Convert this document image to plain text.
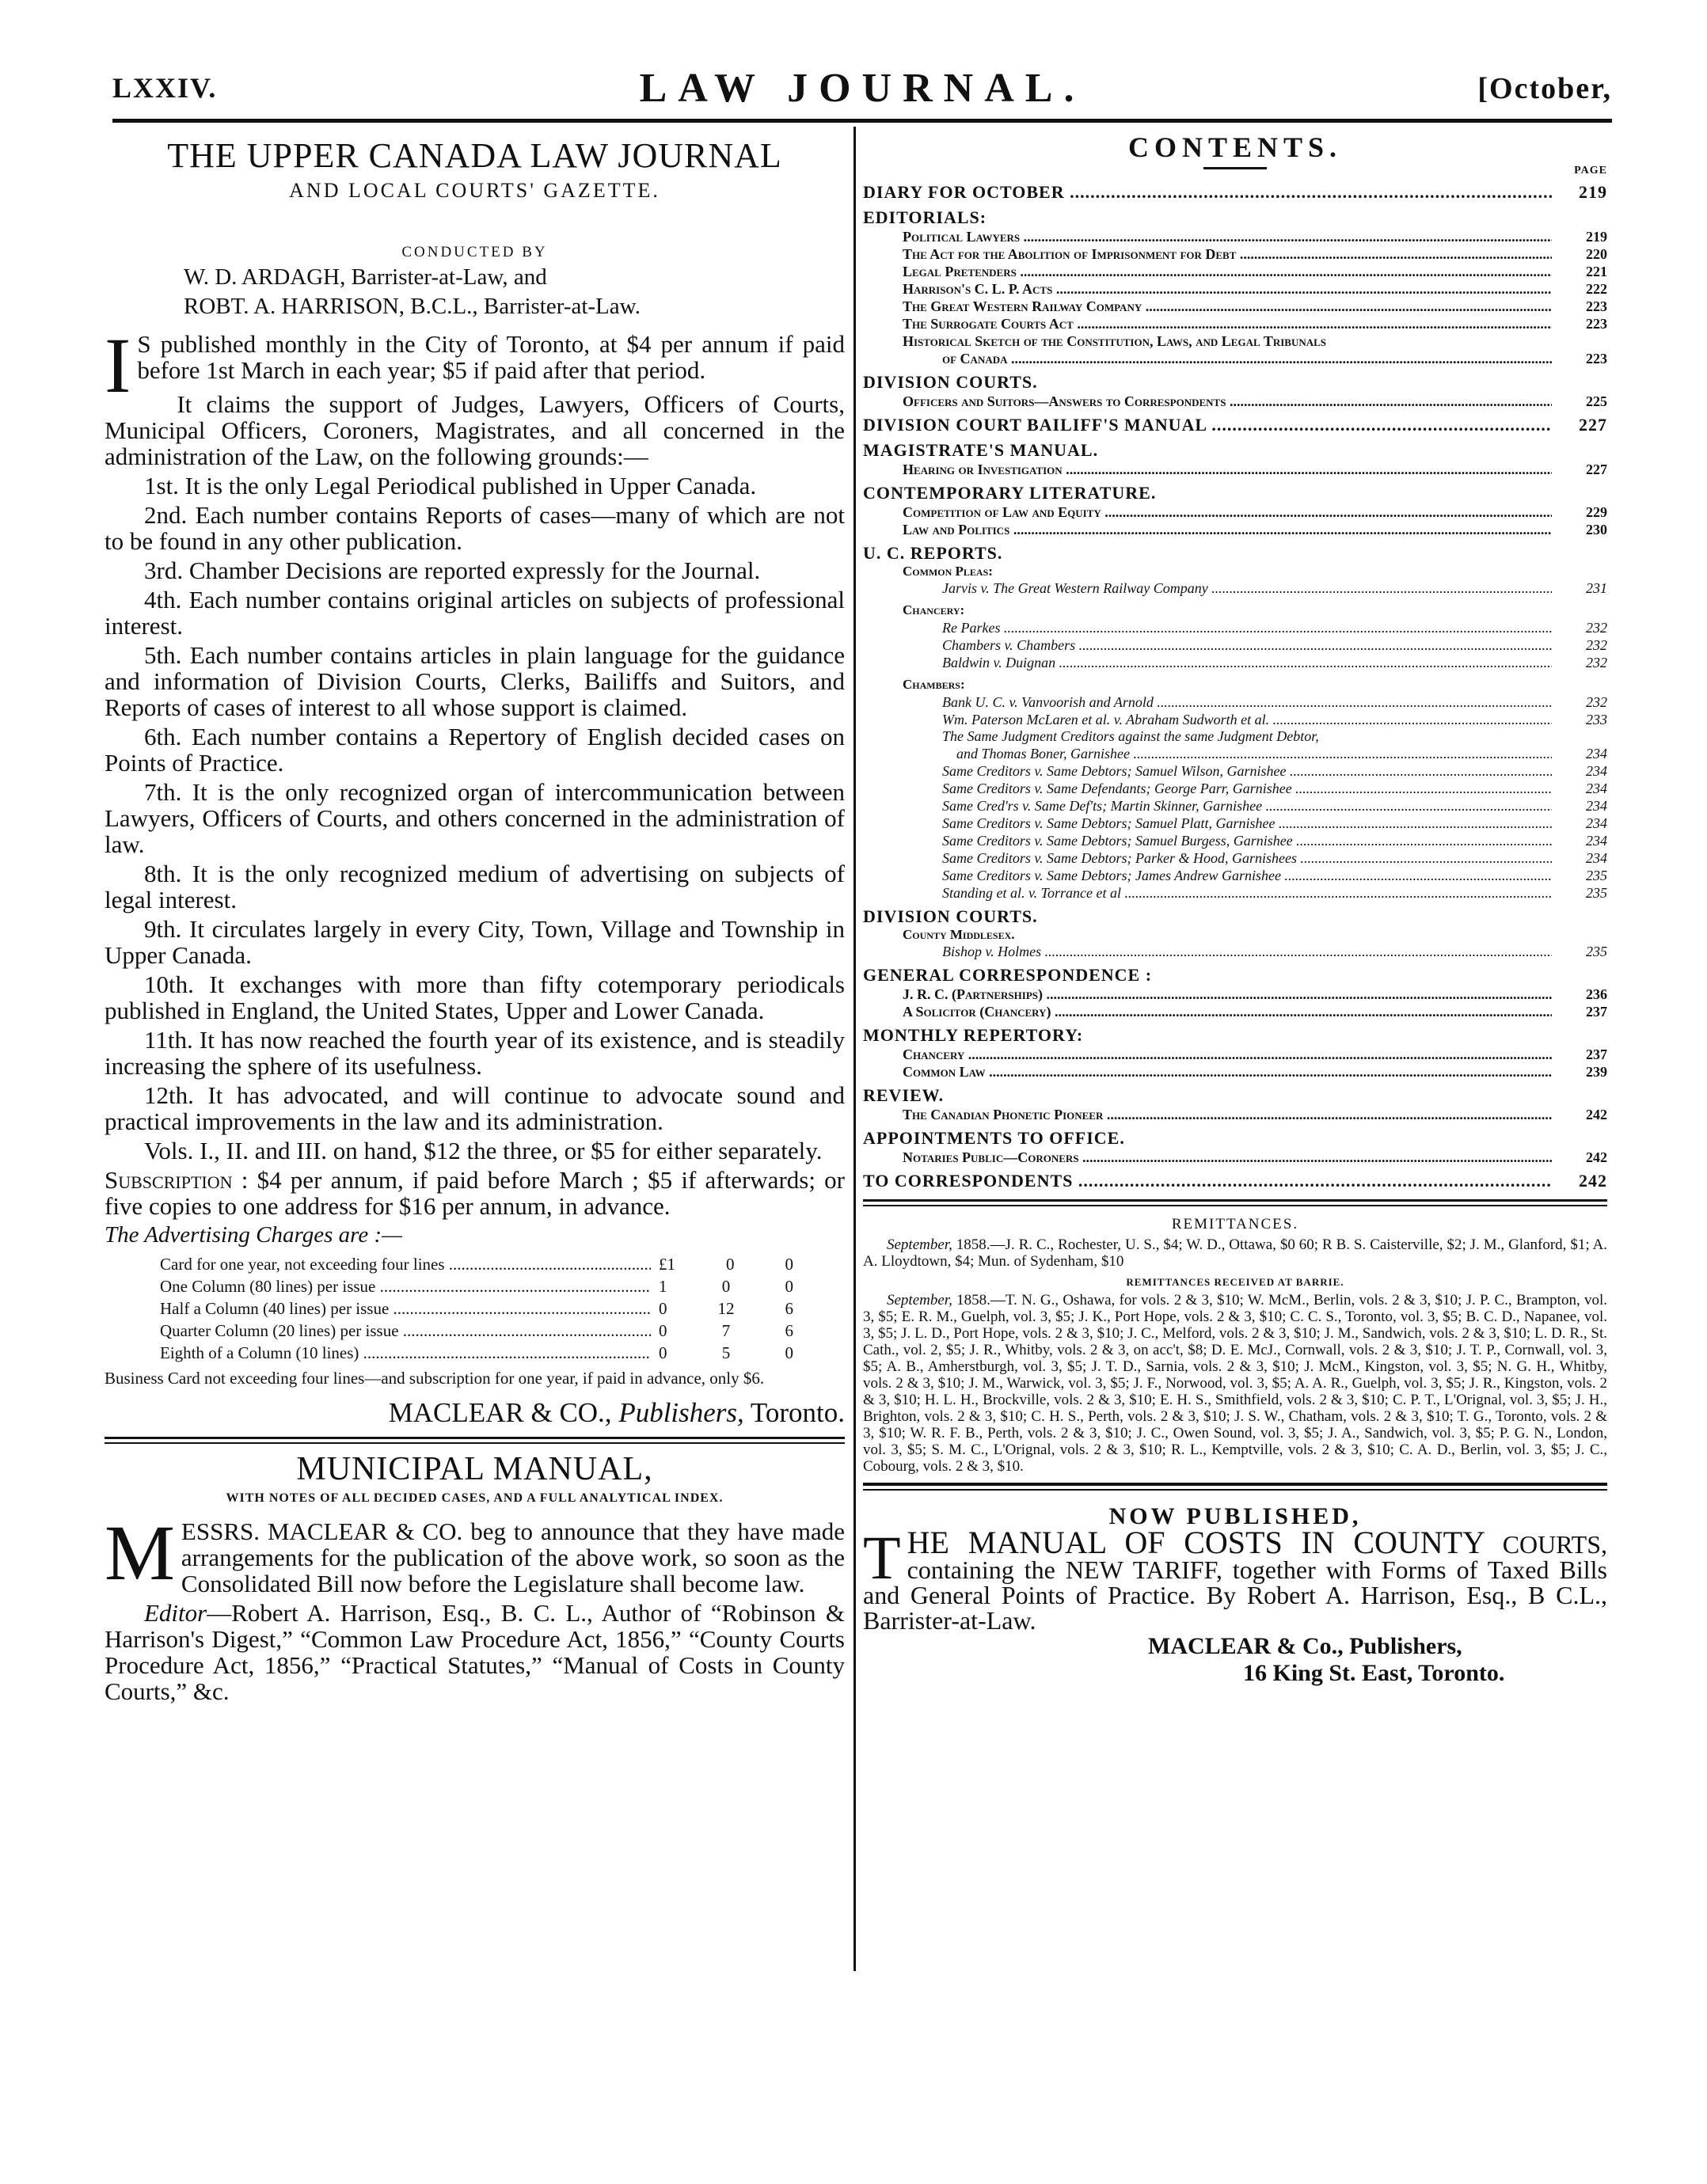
LXXIV.	LAW JOURNAL.	[October,
THE UPPER CANADA LAW JOURNAL
AND LOCAL COURTS' GAZETTE.
CONDUCTED BY
W. D. ARDAGH, Barrister-at-Law, and
ROBT. A. HARRISON, B.C.L., Barrister-at-Law.

I S published monthly in the City of Toronto, at $4 per annum if paid before 1st March in each year; $5 if paid after that period.

It claims the support of Judges, Lawyers, Officers of Courts, Municipal Officers, Coroners, Magistrates, and all concerned in the administration of the Law, on the following grounds:—

1st. It is the only Legal Periodical published in Upper Canada.

2nd. Each number contains Reports of cases—many of which are not to be found in any other publication.

3rd. Chamber Decisions are reported expressly for the Journal.

4th. Each number contains original articles on subjects of professional interest.

5th. Each number contains articles in plain language for the guidance and information of Division Courts, Clerks, Bailiffs and Suitors, and Reports of cases of interest to all whose support is claimed.

6th. Each number contains a Repertory of English decided cases on Points of Practice.

7th. It is the only recognized organ of intercommunication between Lawyers, Officers of Courts, and others concerned in the administration of law.

8th. It is the only recognized medium of advertising on subjects of legal interest.

9th. It circulates largely in every City, Town, Village and Township in Upper Canada.

10th. It exchanges with more than fifty cotemporary periodicals published in England, the United States, Upper and Lower Canada.

11th. It has now reached the fourth year of its existence, and is steadily increasing the sphere of its usefulness.

12th. It has advocated, and will continue to advocate sound and practical improvements in the law and its administration.

Vols. I., II. and III. on hand, $12 the three, or $5 for either separately.

Subscription : $4 per annum, if paid before March ; $5 if afterwards; or five copies to one address for $16 per annum, in advance.
The Advertising Charges are :—
Card for one year, not exceeding four lines .....	£1	0	0
One Column (80 lines) per issue .....	1	0	0
Half a Column (40 lines) per issue .....	0	12	6
Quarter Column (20 lines) per issue .....	0	7	6
Eighth of a Column (10 lines) .....	0	5	0
Business Card not exceeding four lines—and subscription for one year, if paid in advance, only $6.
MACLEAR & CO., Publishers, Toronto.
MUNICIPAL MANUAL,
WITH NOTES OF ALL DECIDED CASES, AND A FULL ANALYTICAL INDEX.

MESSRS. MACLEAR & CO. beg to announce that they have made arrangements for the publication of the above work, so soon as the Consolidated Bill now before the Legislature shall become law.

Editor—Robert A. Harrison, Esq., B. C. L., Author of “Robinson & Harrison's Digest,” “Common Law Procedure Act, 1856,” “County Courts Procedure Act, 1856,” “Practical Statutes,” “Manual of Costs in County Courts,” &c.

CONTENTS.
PAGE
DIARY FOR OCTOBER .....	219
EDITORIALS:
Political Lawyers .....	219
The Act for the Abolition of Imprisonment for Debt .....	220
Legal Pretenders .....	221
Harrison's C. L. P. Acts .....	222
The Great Western Railway Company .....	223
The Surrogate Courts Act .....	223
Historical Sketch of the Constitution, Laws, and Legal Tribunals
of Canada .....	223
DIVISION COURTS.
Officers and Suitors—Answers to Correspondents .....	225
DIVISION COURT BAILIFF'S MANUAL .....	227
MAGISTRATE'S MANUAL.
Hearing or Investigation .....	227
CONTEMPORARY LITERATURE.
Competition of Law and Equity .....	229
Law and Politics .....	230
U. C. REPORTS.
Common Pleas:
Jarvis v. The Great Western Railway Company .....	231
Chancery:
Re Parkes .....	232
Chambers v. Chambers .....	232
Baldwin v. Duignan .....	232
Chambers:
Bank U. C. v. Vanvoorish and Arnold .....	232
Wm. Paterson McLaren et al. v. Abraham Sudworth et al. .....	233
The Same Judgment Creditors against the same Judgment Debtor,
and Thomas Boner, Garnishee .....	234
Same Creditors v. Same Debtors; Samuel Wilson, Garnishee .....	234
Same Creditors v. Same Defendants; George Parr, Garnishee .....	234
Same Cred'rs v. Same Def'ts; Martin Skinner, Garnishee .....	234
Same Creditors v. Same Debtors; Samuel Platt, Garnishee .....	234
Same Creditors v. Same Debtors; Samuel Burgess, Garnishee .....	234
Same Creditors v. Same Debtors; Parker & Hood, Garnishees .....	234
Same Creditors v. Same Debtors; James Andrew Garnishee .....	235
Standing et al. v. Torrance et al .....	235
DIVISION COURTS.
County Middlesex.
Bishop v. Holmes .....	235
GENERAL CORRESPONDENCE :
J. R. C. (Partnerships) .....	236
A Solicitor (Chancery) .....	237
MONTHLY REPERTORY:
Chancery .....	237
Common Law .....	239
REVIEW.
The Canadian Phonetic Pioneer .....	242
APPOINTMENTS TO OFFICE.
Notaries Public—Coroners .....	242
TO CORRESPONDENTS .....	242
REMITTANCES.
September, 1858.—J. R. C., Rochester, U. S., $4; W. D., Ottawa, $0 60; R B. S. Caisterville, $2; J. M., Glanford, $1; A. A. Lloydtown, $4; Mun. of Sydenham, $10
REMITTANCES RECEIVED AT BARRIE.
September, 1858.—T. N. G., Oshawa, for vols. 2 & 3, $10; W. McM., Berlin, vols. 2 & 3, $10; J. P. C., Brampton, vol. 3, $5; E. R. M., Guelph, vol. 3, $5; J. K., Port Hope, vols. 2 & 3, $10; C. C. S., Toronto, vol. 3, $5; B. C. D., Napanee, vol. 3, $5; J. L. D., Port Hope, vols. 2 & 3, $10; J. C., Melford, vols. 2 & 3, $10; J. M., Sandwich, vols. 2 & 3, $10; L. D. R., St. Cath., vol. 2, $5; J. R., Whitby, vols. 2 & 3, on acc't, $8; D. E. McJ., Cornwall, vols. 2 & 3, $10; J. T. P., Cornwall, vol. 3, $5; A. B., Amherstburgh, vol. 3, $5; J. T. D., Sarnia, vols. 2 & 3, $10; J. McM., Kingston, vol. 3, $5; N. G. H., Whitby, vols. 2 & 3, $10; J. M., Warwick, vol. 3, $5; J. F., Norwood, vol. 3, $5; A. A. R., Guelph, vol. 3, $5; J. R., Kingston, vols. 2 & 3, $10; H. L. H., Brockville, vols. 2 & 3, $10; E. H. S., Smithfield, vols. 2 & 3, $10; C. P. T., L'Orignal, vol. 3, $5; J. H., Brighton, vols. 2 & 3, $10; C. H. S., Perth, vols. 2 & 3, $10; J. S. W., Chatham, vols. 2 & 3, $10; T. G., Toronto, vols. 2 & 3, $10; W. R. F. B., Perth, vols. 2 & 3, $10; J. C., Owen Sound, vol. 3, $5; J. A., Sandwich, vol. 3, $5; P. G. N., London, vol. 3, $5; S. M. C., L'Orignal, vols. 2 & 3, $10; R. L., Kemptville, vols. 2 & 3, $10; C. A. D., Berlin, vol. 3, $5; J. C., Cobourg, vols. 2 & 3, $10.
NOW PUBLISHED,
THE MANUAL OF COSTS IN COUNTY COURTS, containing the NEW TARIFF, together with Forms of Taxed Bills and General Points of Practice. By Robert A. Harrison, Esq., B C.L., Barrister-at-Law.
MACLEAR & Co., Publishers,
16 King St. East, Toronto.
